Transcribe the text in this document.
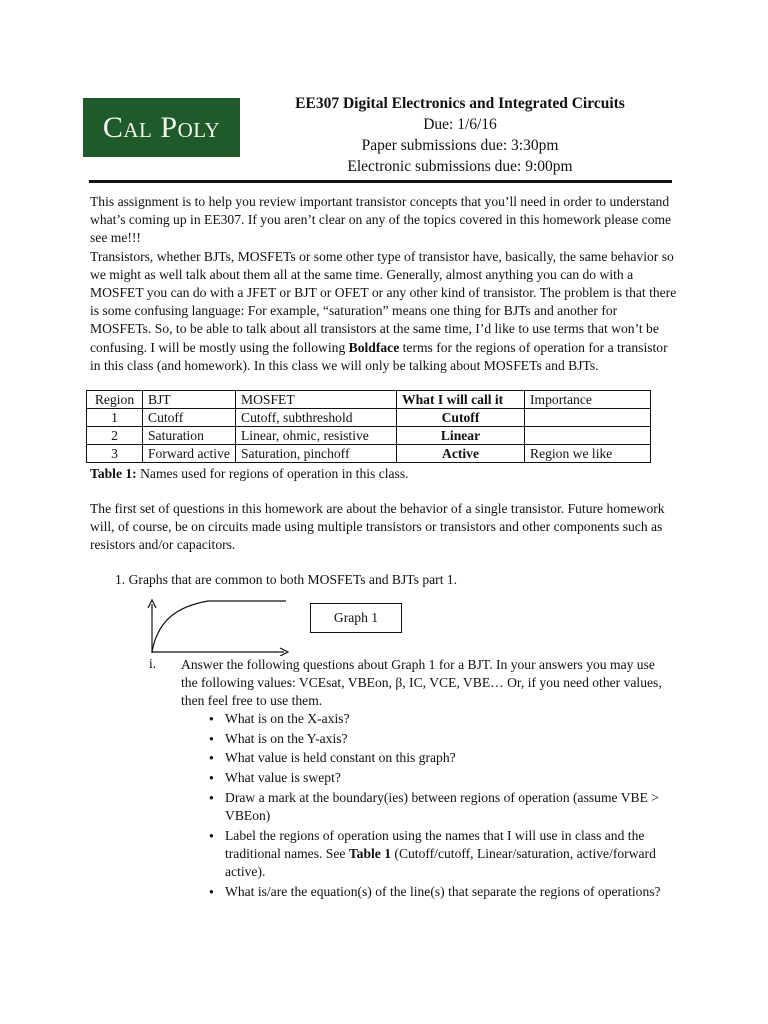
Cal Poly
EE307 Digital Electronics and Integrated Circuits
Due: 1/6/16
Paper submissions due: 3:30pm
Electronic submissions due: 9:00pm
This assignment is to help you review important transistor concepts that you’ll need in order to understand what’s coming up in EE307. If you aren’t clear on any of the topics covered in this homework please come see me!!!
Transistors, whether BJTs, MOSFETs or some other type of transistor have, basically, the same behavior so we might as well talk about them all at the same time. Generally, almost anything you can do with a MOSFET you can do with a JFET or BJT or OFET or any other kind of transistor. The problem is that there is some confusing language: For example, “saturation” means one thing for BJTs and another for MOSFETs. So, to be able to talk about all transistors at the same time, I’d like to use terms that won’t be confusing. I will be mostly using the following Boldface terms for the regions of operation for a transistor in this class (and homework). In this class we will only be talking about MOSFETs and BJTs.
Region	BJT	MOSFET	What I will call it	Importance
1	Cutoff	Cutoff, subthreshold	Cutoff	
2	Saturation	Linear, ohmic, resistive	Linear	
3	Forward active	Saturation, pinchoff	Active	Region we like
Table 1: Names used for regions of operation in this class.
The first set of questions in this homework are about the behavior of a single transistor. Future homework will, of course, be on circuits made using multiple transistors or transistors and other components such as resistors and/or capacitors.
1. Graphs that are common to both MOSFETs and BJTs part 1.
Graph 1
i. Answer the following questions about Graph 1 for a BJT. In your answers you may use the following values: VCEsat, VBEon, β, IC, VCE, VBE… Or, if you need other values, then feel free to use them.
● What is on the X-axis?
● What is on the Y-axis?
● What value is held constant on this graph?
● What value is swept?
● Draw a mark at the boundary(ies) between regions of operation (assume VBE > VBEon)
● Label the regions of operation using the names that I will use in class and the traditional names. See Table 1 (Cutoff/cutoff, Linear/saturation, active/forward active).
● What is/are the equation(s) of the line(s) that separate the regions of operations?
